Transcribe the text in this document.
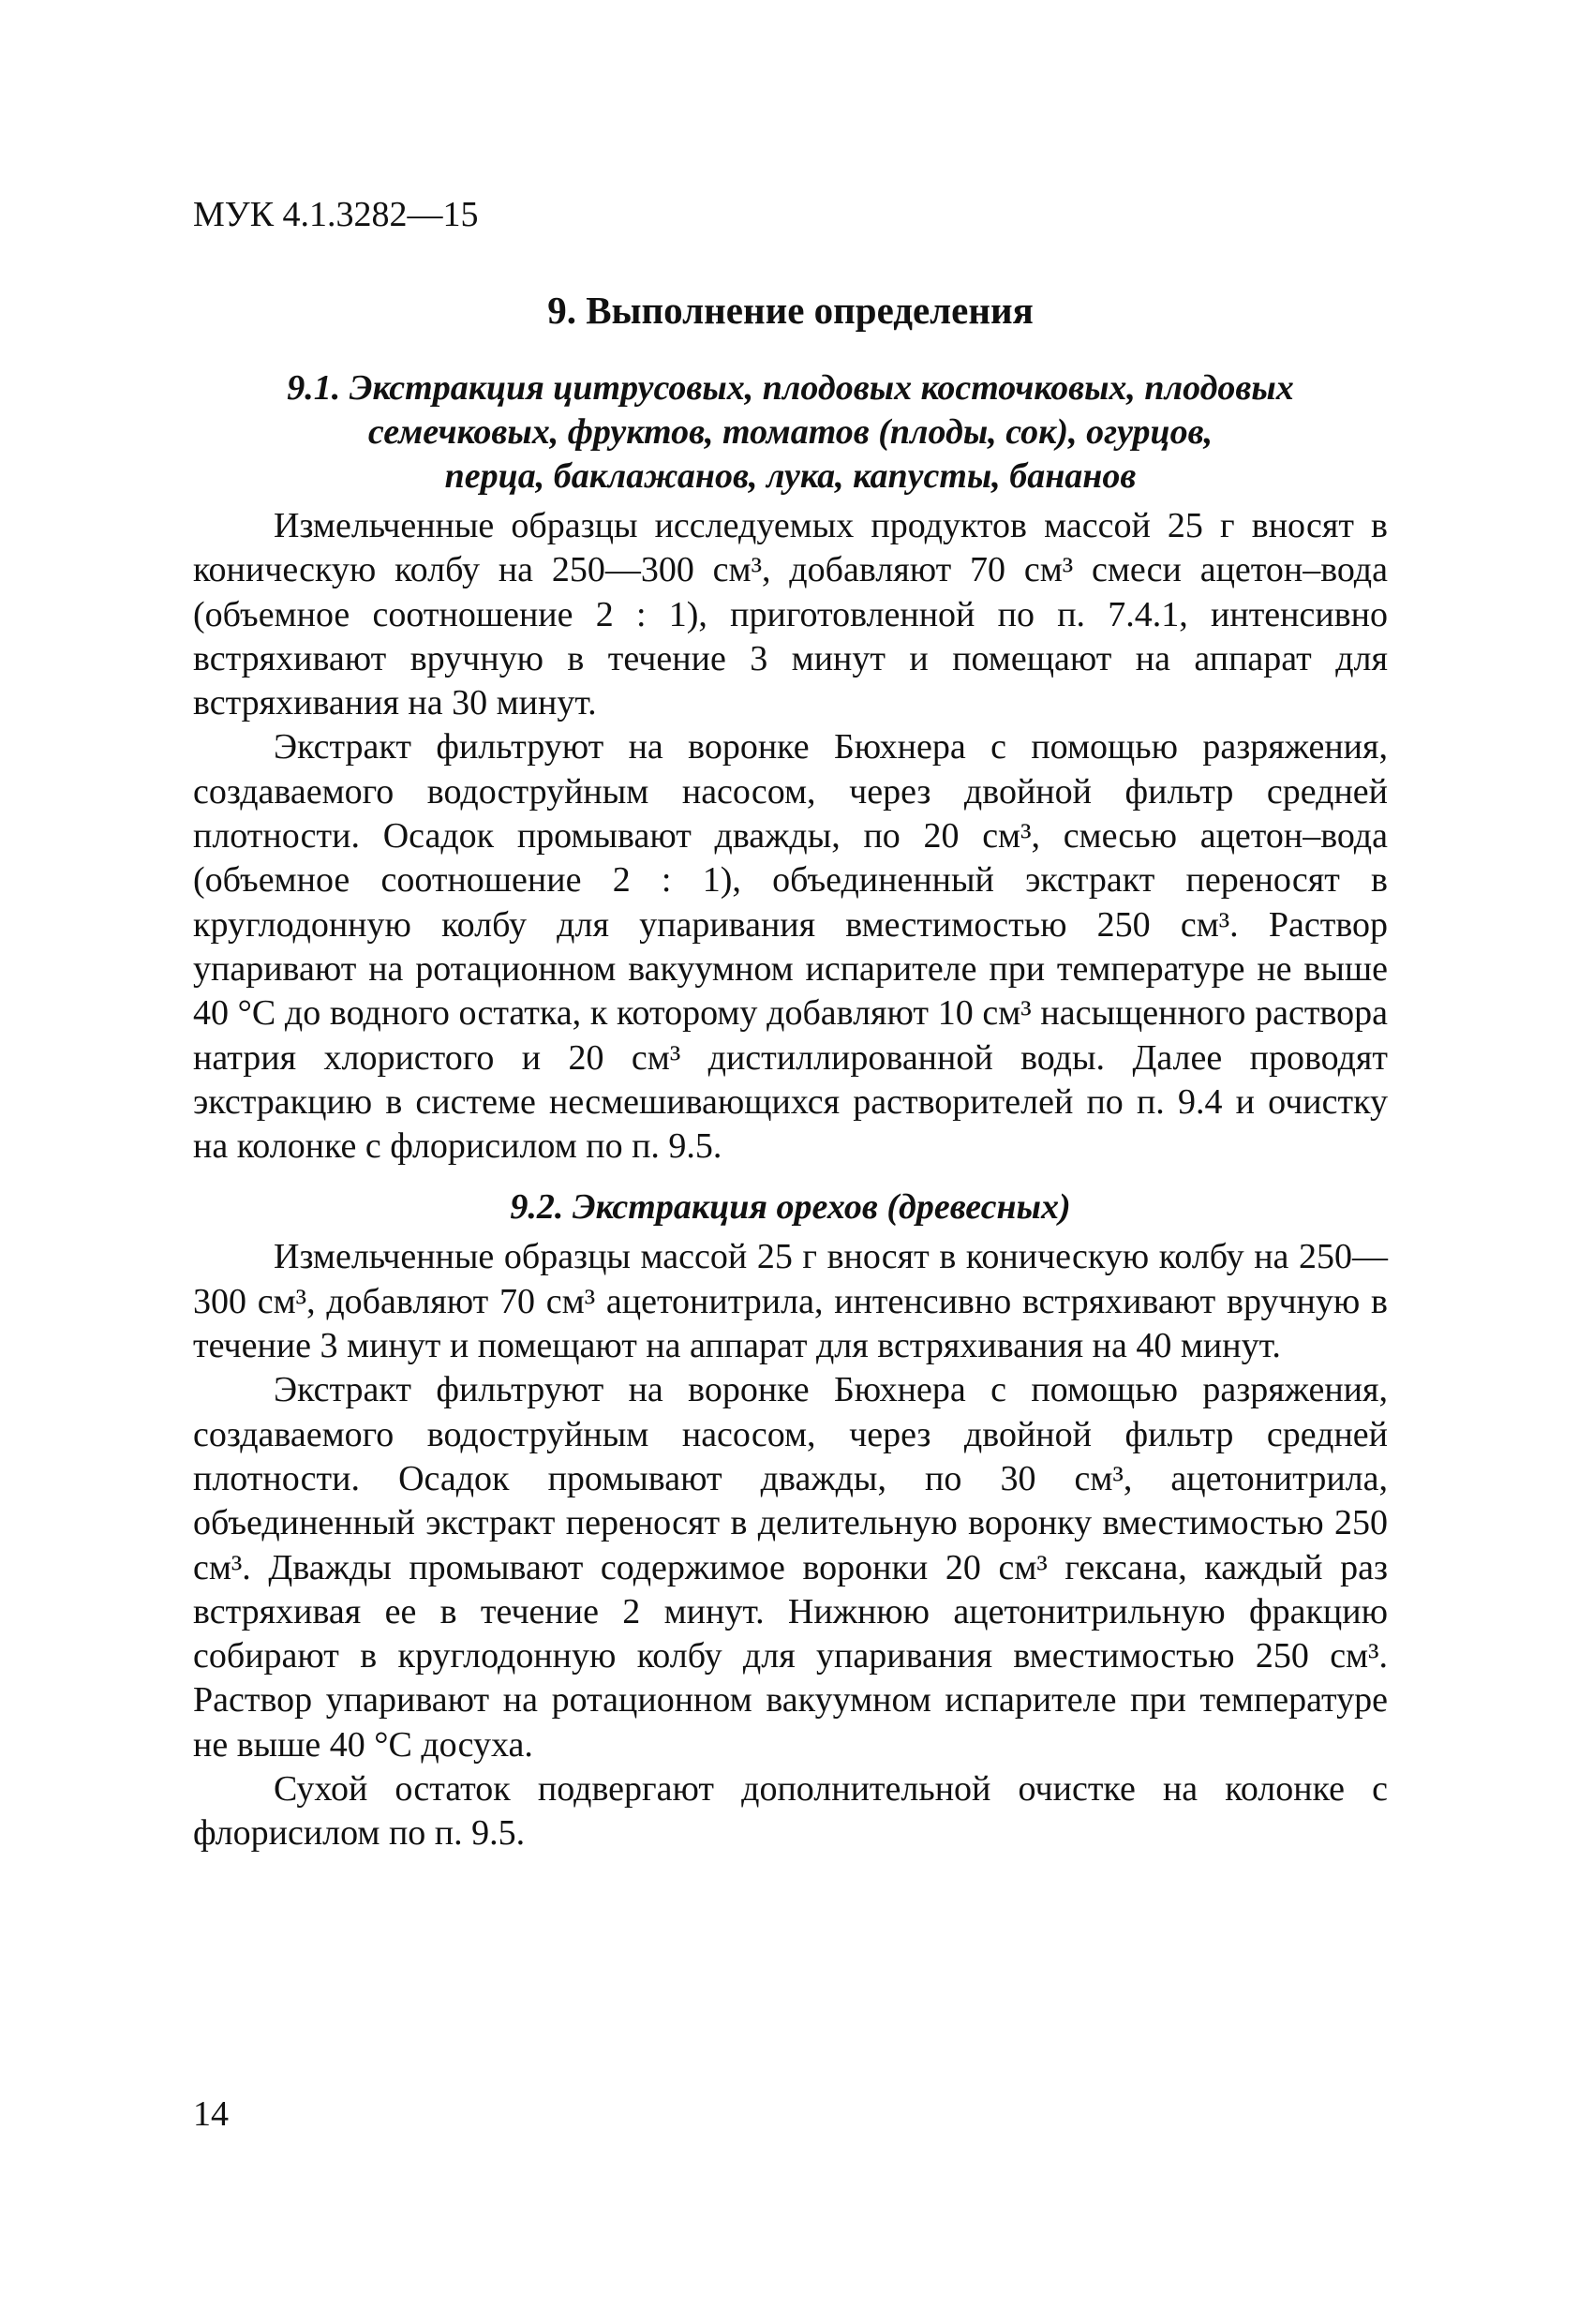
МУК 4.1.3282—15

9. Выполнение определения
9.1. Экстракция цитрусовых, плодовых косточковых, плодовых
семечковых, фруктов, томатов (плоды, сок), огурцов,
перца, баклажанов, лука, капусты, бананов

Измельченные образцы исследуемых продуктов массой 25 г вносят в коническую колбу на 250—300 см³, добавляют 70 см³ смеси ацетон–вода (объемное соотношение 2 : 1), приготовленной по п. 7.4.1, интенсивно встряхивают вручную в течение 3 минут и помещают на аппарат для встряхивания на 30 минут.

Экстракт фильтруют на воронке Бюхнера с помощью разряжения, создаваемого водоструйным насосом, через двойной фильтр средней плотности. Осадок промывают дважды, по 20 см³, смесью ацетон–вода (объемное соотношение 2 : 1), объединенный экстракт переносят в круглодонную колбу для упаривания вместимостью 250 см³. Раствор упаривают на ротационном вакуумном испарителе при температуре не выше 40 °С до водного остатка, к которому добавляют 10 см³ насыщенного раствора натрия хлористого и 20 см³ дистиллированной воды. Далее проводят экстракцию в системе несмешивающихся растворителей по п. 9.4 и очистку на колонке с флорисилом по п. 9.5.

9.2. Экстракция орехов (древесных)

Измельченные образцы массой 25 г вносят в коническую колбу на 250—300 см³, добавляют 70 см³ ацетонитрила, интенсивно встряхивают вручную в течение 3 минут и помещают на аппарат для встряхивания на 40 минут.

Экстракт фильтруют на воронке Бюхнера с помощью разряжения, создаваемого водоструйным насосом, через двойной фильтр средней плотности. Осадок промывают дважды, по 30 см³, ацетонитрила, объединенный экстракт переносят в делительную воронку вместимостью 250 см³. Дважды промывают содержимое воронки 20 см³ гексана, каждый раз встряхивая ее в течение 2 минут. Нижнюю ацетонитрильную фракцию собирают в круглодонную колбу для упаривания вместимостью 250 см³. Раствор упаривают на ротационном вакуумном испарителе при температуре не выше 40 °С досуха.

Сухой остаток подвергают дополнительной очистке на колонке с флорисилом по п. 9.5.

14
